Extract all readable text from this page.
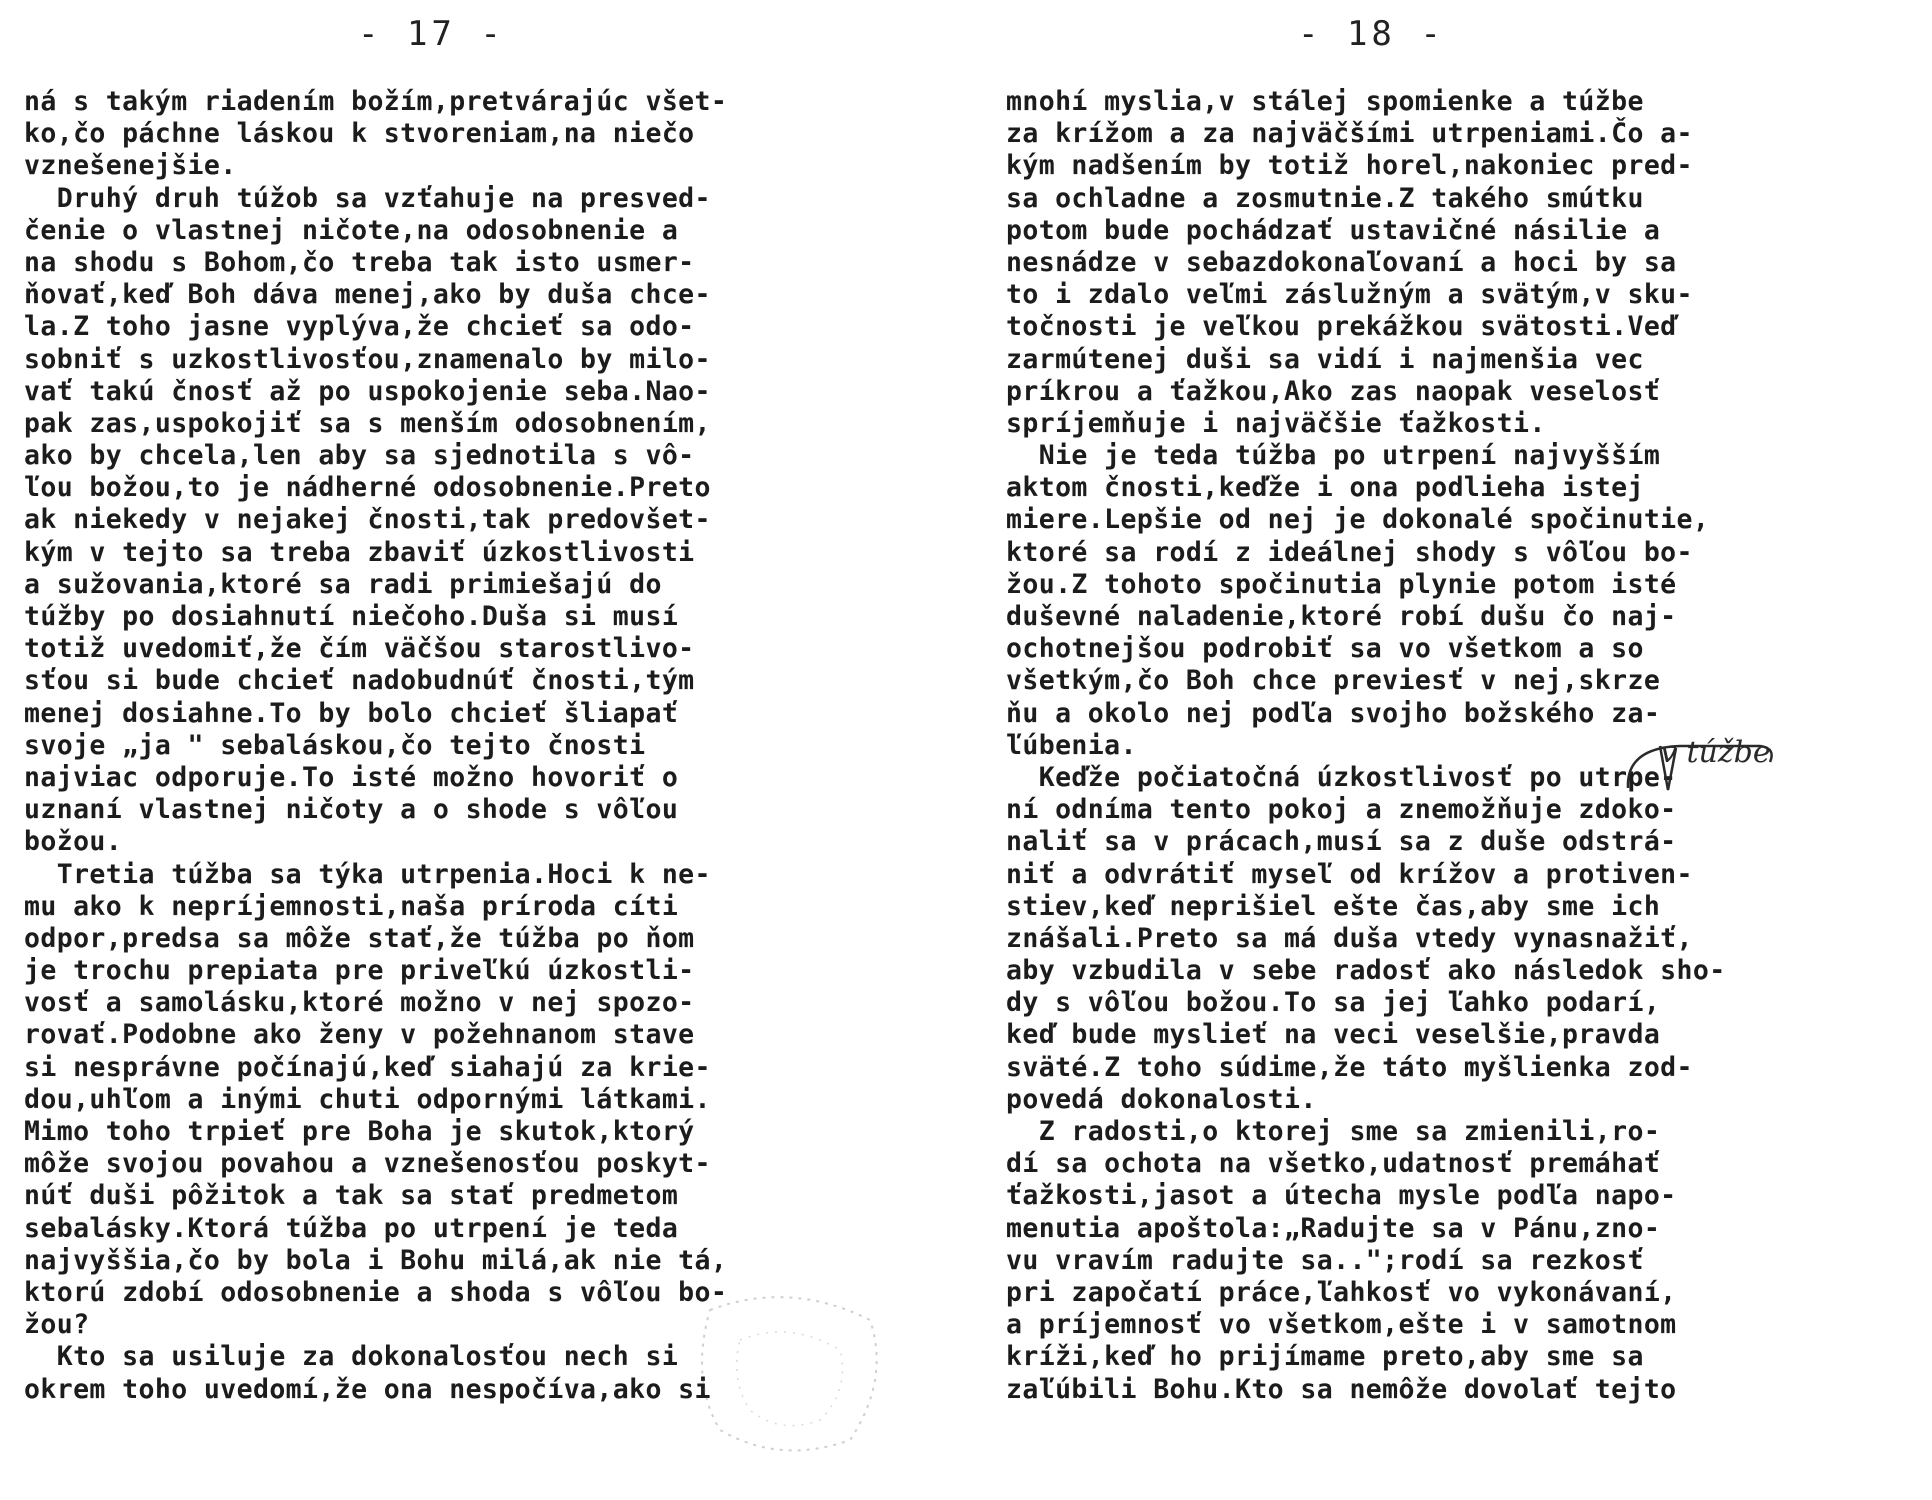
- 17 -
ná s takým riadením božím,pretvárajúc všet-
ko,čo páchne láskou k stvoreniam,na niečo
vznešenejšie.
Druhý druh túžob sa vzťahuje na presved-
čenie o vlastnej ničote,na odosobnenie a
na shodu s Bohom,čo treba tak isto usmer-
ňovať,keď Boh dáva menej,ako by duša chce-
la.Z toho jasne vyplýva,že chcieť sa odo-
sobniť s uzkostlivosťou,znamenalo by milo-
vať takú čnosť až po uspokojenie seba.Nao-
pak zas,uspokojiť sa s menším odosobnením,
ako by chcela,len aby sa sjednotila s vô-
ľou božou,to je nádherné odosobnenie.Preto
ak niekedy v nejakej čnosti,tak predovšet-
kým v tejto sa treba zbaviť úzkostlivosti
a sužovania,ktoré sa radi primiešajú do
túžby po dosiahnutí niečoho.Duša si musí
totiž uvedomiť,že čím väčšou starostlivo-
sťou si bude chcieť nadobudnúť čnosti,tým
menej dosiahne.To by bolo chcieť šliapať
svoje „ja " sebaláskou,čo tejto čnosti
najviac odporuje.To isté možno hovoriť o
uznaní vlastnej ničoty a o shode s vôľou
božou.
Tretia túžba sa týka utrpenia.Hoci k ne-
mu ako k nepríjemnosti,naša príroda cíti
odpor,predsa sa môže stať,že túžba po ňom
je trochu prepiata pre priveľkú úzkostli-
vosť a samolásku,ktoré možno v nej spozo-
rovať.Podobne ako ženy v požehnanom stave
si nesprávne počínajú,keď siahajú za krie-
dou,uhľom a inými chuti odpornými látkami.
Mimo toho trpieť pre Boha je skutok,ktorý
môže svojou povahou a vznešenosťou poskyt-
núť duši pôžitok a tak sa stať predmetom
sebalásky.Ktorá túžba po utrpení je teda
najvyššia,čo by bola i Bohu milá,ak nie tá,
ktorú zdobí odosobnenie a shoda s vôľou bo-
žou?
Kto sa usiluje za dokonalosťou nech si
okrem toho uvedomí,že ona nespočíva,ako si
- 18 -
mnohí myslia,v stálej spomienke a túžbe
za krížom a za najväčšími utrpeniami.Čo a-
kým nadšením by totiž horel,nakoniec pred-
sa ochladne a zosmutnie.Z takého smútku
potom bude pochádzať ustavičné násilie a
nesnádze v sebazdokonaľovaní a hoci by sa
to i zdalo veľmi záslužným a svätým,v sku-
točnosti je veľkou prekážkou svätosti.Veď
zarmútenej duši sa vidí i najmenšia vec
príkrou a ťažkou,Ako zas naopak veselosť
spríjemňuje i najväčšie ťažkosti.
Nie je teda túžba po utrpení najvyšším
aktom čnosti,keďže i ona podlieha istej
miere.Lepšie od nej je dokonalé spočinutie,
ktoré sa rodí z ideálnej shody s vôľou bo-
žou.Z tohoto spočinutia plynie potom isté
duševné naladenie,ktoré robí dušu čo naj-
ochotnejšou podrobiť sa vo všetkom a so
všetkým,čo Boh chce previesť v nej,skrze
ňu a okolo nej podľa svojho božského za-
ľúbenia.
Keďže počiatočná úzkostlivosť po utrpe-
ní odníma tento pokoj a znemožňuje zdoko-
naliť sa v prácach,musí sa z duše odstrá-
niť a odvrátiť myseľ od krížov a protiven-
stiev,keď neprišiel ešte čas,aby sme ich
znášali.Preto sa má duša vtedy vynasnažiť,
aby vzbudila v sebe radosť ako následok sho-
dy s vôľou božou.To sa jej ľahko podarí,
keď bude myslieť na veci veselšie,pravda
sväté.Z toho súdime,že táto myšlienka zod-
povedá dokonalosti.
Z radosti,o ktorej sme sa zmienili,ro-
dí sa ochota na všetko,udatnosť premáhať
ťažkosti,jasot a útecha mysle podľa napo-
menutia apoštola:„Radujte sa v Pánu,zno-
vu vravím radujte sa..";rodí sa rezkosť
pri započatí práce,ľahkosť vo vykonávaní,
a príjemnosť vo všetkom,ešte i v samotnom
kríži,keď ho prijímame preto,aby sme sa
zaľúbili Bohu.Kto sa nemôže dovolať tejto
v túžbe
